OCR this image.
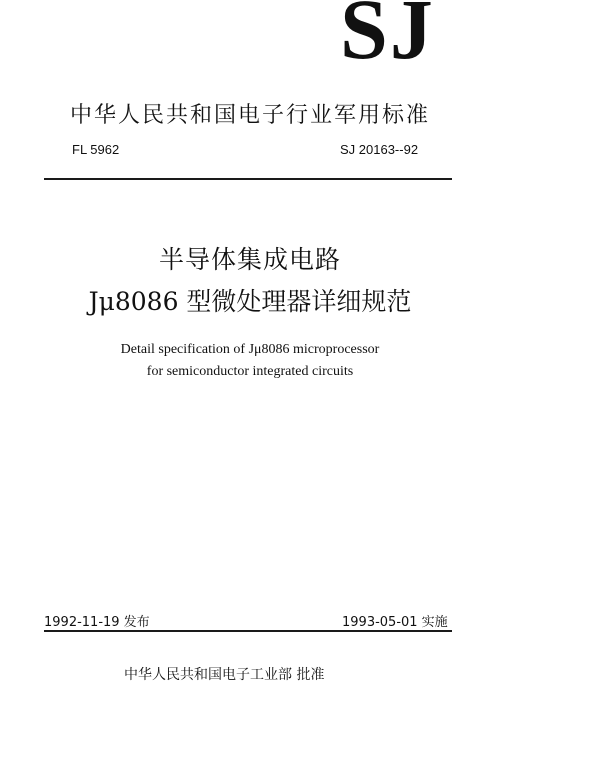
SJ
中华人民共和国电子行业军用标准
FL 5962	SJ 20163--92
半导体集成电路
Jμ8086 型微处理器详细规范
Detail specification of Jμ8086 microprocessor
for semiconductor integrated circuits
1992-11-19 发布	1993-05-01 实施
中华人民共和国电子工业部 批准
